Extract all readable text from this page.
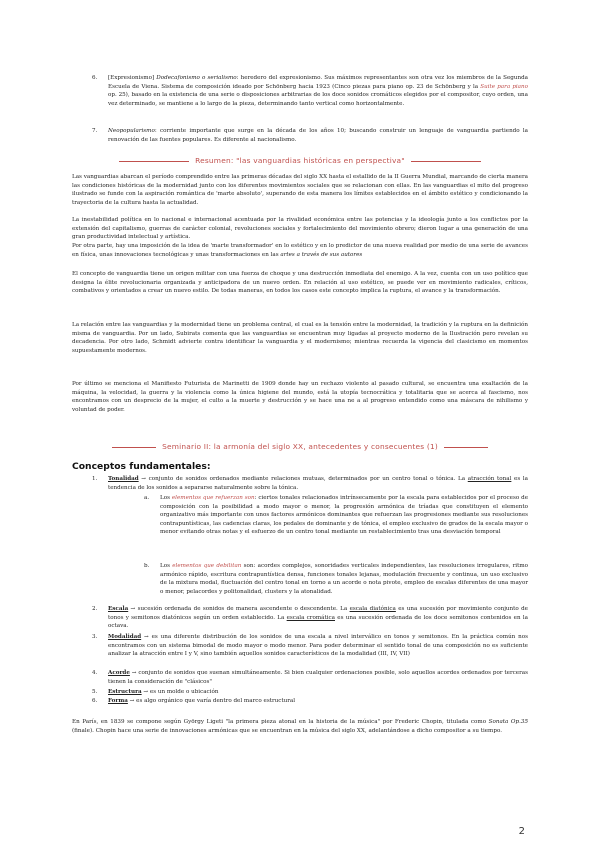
6. [Expresionismo] Dodecafonismo o serialismo: heredero del expresionismo. Sus máximos representantes son otra vez los miembros de la Segunda Escuela de Viena. Sistema de composición ideado por Schönberg hacia 1923 (Cinco piezas para piano op. 23 de Schönberg y la Suite para piano op. 25), basado en la existencia de una serie o disposiciones arbitrarias de los doce sonidos cromáticos elegidos por el compositor, cuyo orden, una vez determinado, se mantiene a lo largo de la pieza, determinando tanto vertical como horizontalmente.

7. Neopopularismo: corriente importante que surge en la década de los años 10; buscando construir un lenguaje de vanguardia partiendo la renovación de las fuentes populares. Es diferente al nacionalismo.

Resumen: "las vanguardias históricas en perspectiva"

Las vanguardias abarcan el período comprendido entre las primeras décadas del siglo XX hasta el estallido de la II Guerra Mundial, marcando de cierta manera las condiciones históricas de la modernidad junto con los diferentes movimientos sociales que se relacionan con ellas. En las vanguardias el mito del progreso ilustrado se funde con la aspiración romántica de 'marte absoluto', superando de esta manera los límites establecidos en el ámbito estético y condicionando la trayectoria de la cultura hasta la actualidad.

La inestabilidad política en lo nacional e internacional acentuada por la rivalidad económica entre las potencias y la ideología junto a los conflictos por la extensión del capitalismo, guerras de carácter colonial, revoluciones sociales y fortalecimiento del movimiento obrero; dieron lugar a una generación de una gran productividad intelectual y artística.

Por otra parte, hay una imposición de la idea de 'marte transformador' en lo estético y en lo predictor de una nueva realidad por medio de una serie de avances en física, unas innovaciones tecnológicas y unas transformaciones en las artes a través de sus autores

El concepto de vanguardia tiene un origen militar con una fuerza de choque y una destrucción inmediata del enemigo. A la vez, cuenta con un uso político que designa la élite revolucionaria organizada y anticipadora de un nuevo orden. En relación al uso estético, se puede ver en movimiento radicales, críticos, combativos y orientados a crear un nuevo estilo. De todas maneras, en todos los casos este concepto implica la ruptura, el avance y la transformación.

La relación entre las vanguardias y la modernidad tiene un problema central, el cual es la tensión entre la modernidad, la tradición y la ruptura en la definición misma de vanguardia. Por un lado, Subirats comenta que las vanguardias se encuentran muy ligadas al proyecto moderno de la Ilustración pero revelan su decadencia. Por otro lado, Schmidt advierte contra identificar la vanguardia y el modernismo; mientras recuerda la vigencia del clasicismo en momentos supuestamente modernos.

Por último se menciona el Manifiesto Futurista de Marinetti de 1909 donde hay un rechazo violento al pasado cultural, se encuentra una exaltación de la máquina, la velocidad, la guerra y la violencia como la única higiene del mundo, está la utopía tecnocrática y totalitaria que se acerca al fascismo, nos encontramos con un desprecio de la mujer, el culto a la muerte y destrucción y se hace una ne a al progreso entendido como una máscara de nihilismo y voluntad de poder.

Seminario II: la armonía del siglo XX, antecedentes y consecuentes (1)
Conceptos fundamentales:
1. Tonalidad → conjunto de sonidos ordenados mediante relaciones mutuas, determinados por un centro tonal o tónica. La atracción tonal es la tendencia de los sonidos a separarse naturalmente sobre la tónica.

a. Los elementos que refuerzan son: ciertos tonales relacionados intrínsecamente por la escala para establecidos por el proceso de composición con la posibilidad a modo mayor o menor, la progresión armónica de tríadas que constituyen el elemento organizativo más importante con unos factores armónicos dominantes que refuerzan las progresiones mediante sus resoluciones contrapuntísticas, las cadencias claras, los pedales de dominante y de tónica, el empleo exclusivo de grados de la escala mayor o menor evitando otras notas y el esfuerzo de un centro tonal mediante un restablecimiento tras una desviación temporal

b. Los elementos que debilitan son: acordes complejos, sonoridades verticales independientes, las resoluciones irregulares, ritmo armónico rápido, escritura contrapuntística densa, funciones tonales lejanas, modulación frecuente y continua, un uso exclusivo de la mixtura modal, fluctuación del centro tonal en torno a un acorde o nota pivote, empleo de escalas diferentes de una mayor o menor, pelacordes y politonalidad, clusters y la atonalidad.

2. Escala → sucesión ordenada de sonidos de manera ascendente o descendente. La escala diatónica es una sucesión por movimiento conjunto de tonos y semitonos diatónicos según un orden establecido. La escala cromática es una sucesión ordenada de los doce semitonos contenidos en la octava.

3. Modalidad → es una diferente distribución de los sonidos de una escala a nivel interválico en tonos y semitonos. En la práctica común nos encontramos con un sistema bimodal de modo mayor o modo menor. Para poder determinar el sentido tonal de una composición no es suficiente analizar la atracción entre I y V, sino también aquellos sonidos característicos de la modalidad (III, IV, VII)

4. Acorde → conjunto de sonidos que suenan simultáneamente. Si bien cualquier ordenaciones posible, solo aquellos acordes ordenados por terceras tienen la consideración de "clásicos"

5. Estructura → es un molde o ubicación

6. Forma → es algo orgánico que varía dentro del marco estructural

En París, en 1839 se compone según György Ligeti "la primera pieza atonal en la historia de la música" por Frederic Chopin, titulada como Sonata Op.35 (finale). Chopin hace una serie de innovaciones armónicas que se encuentran en la música del siglo XX, adelantándose a dicho compositor a su tiempo.

2
